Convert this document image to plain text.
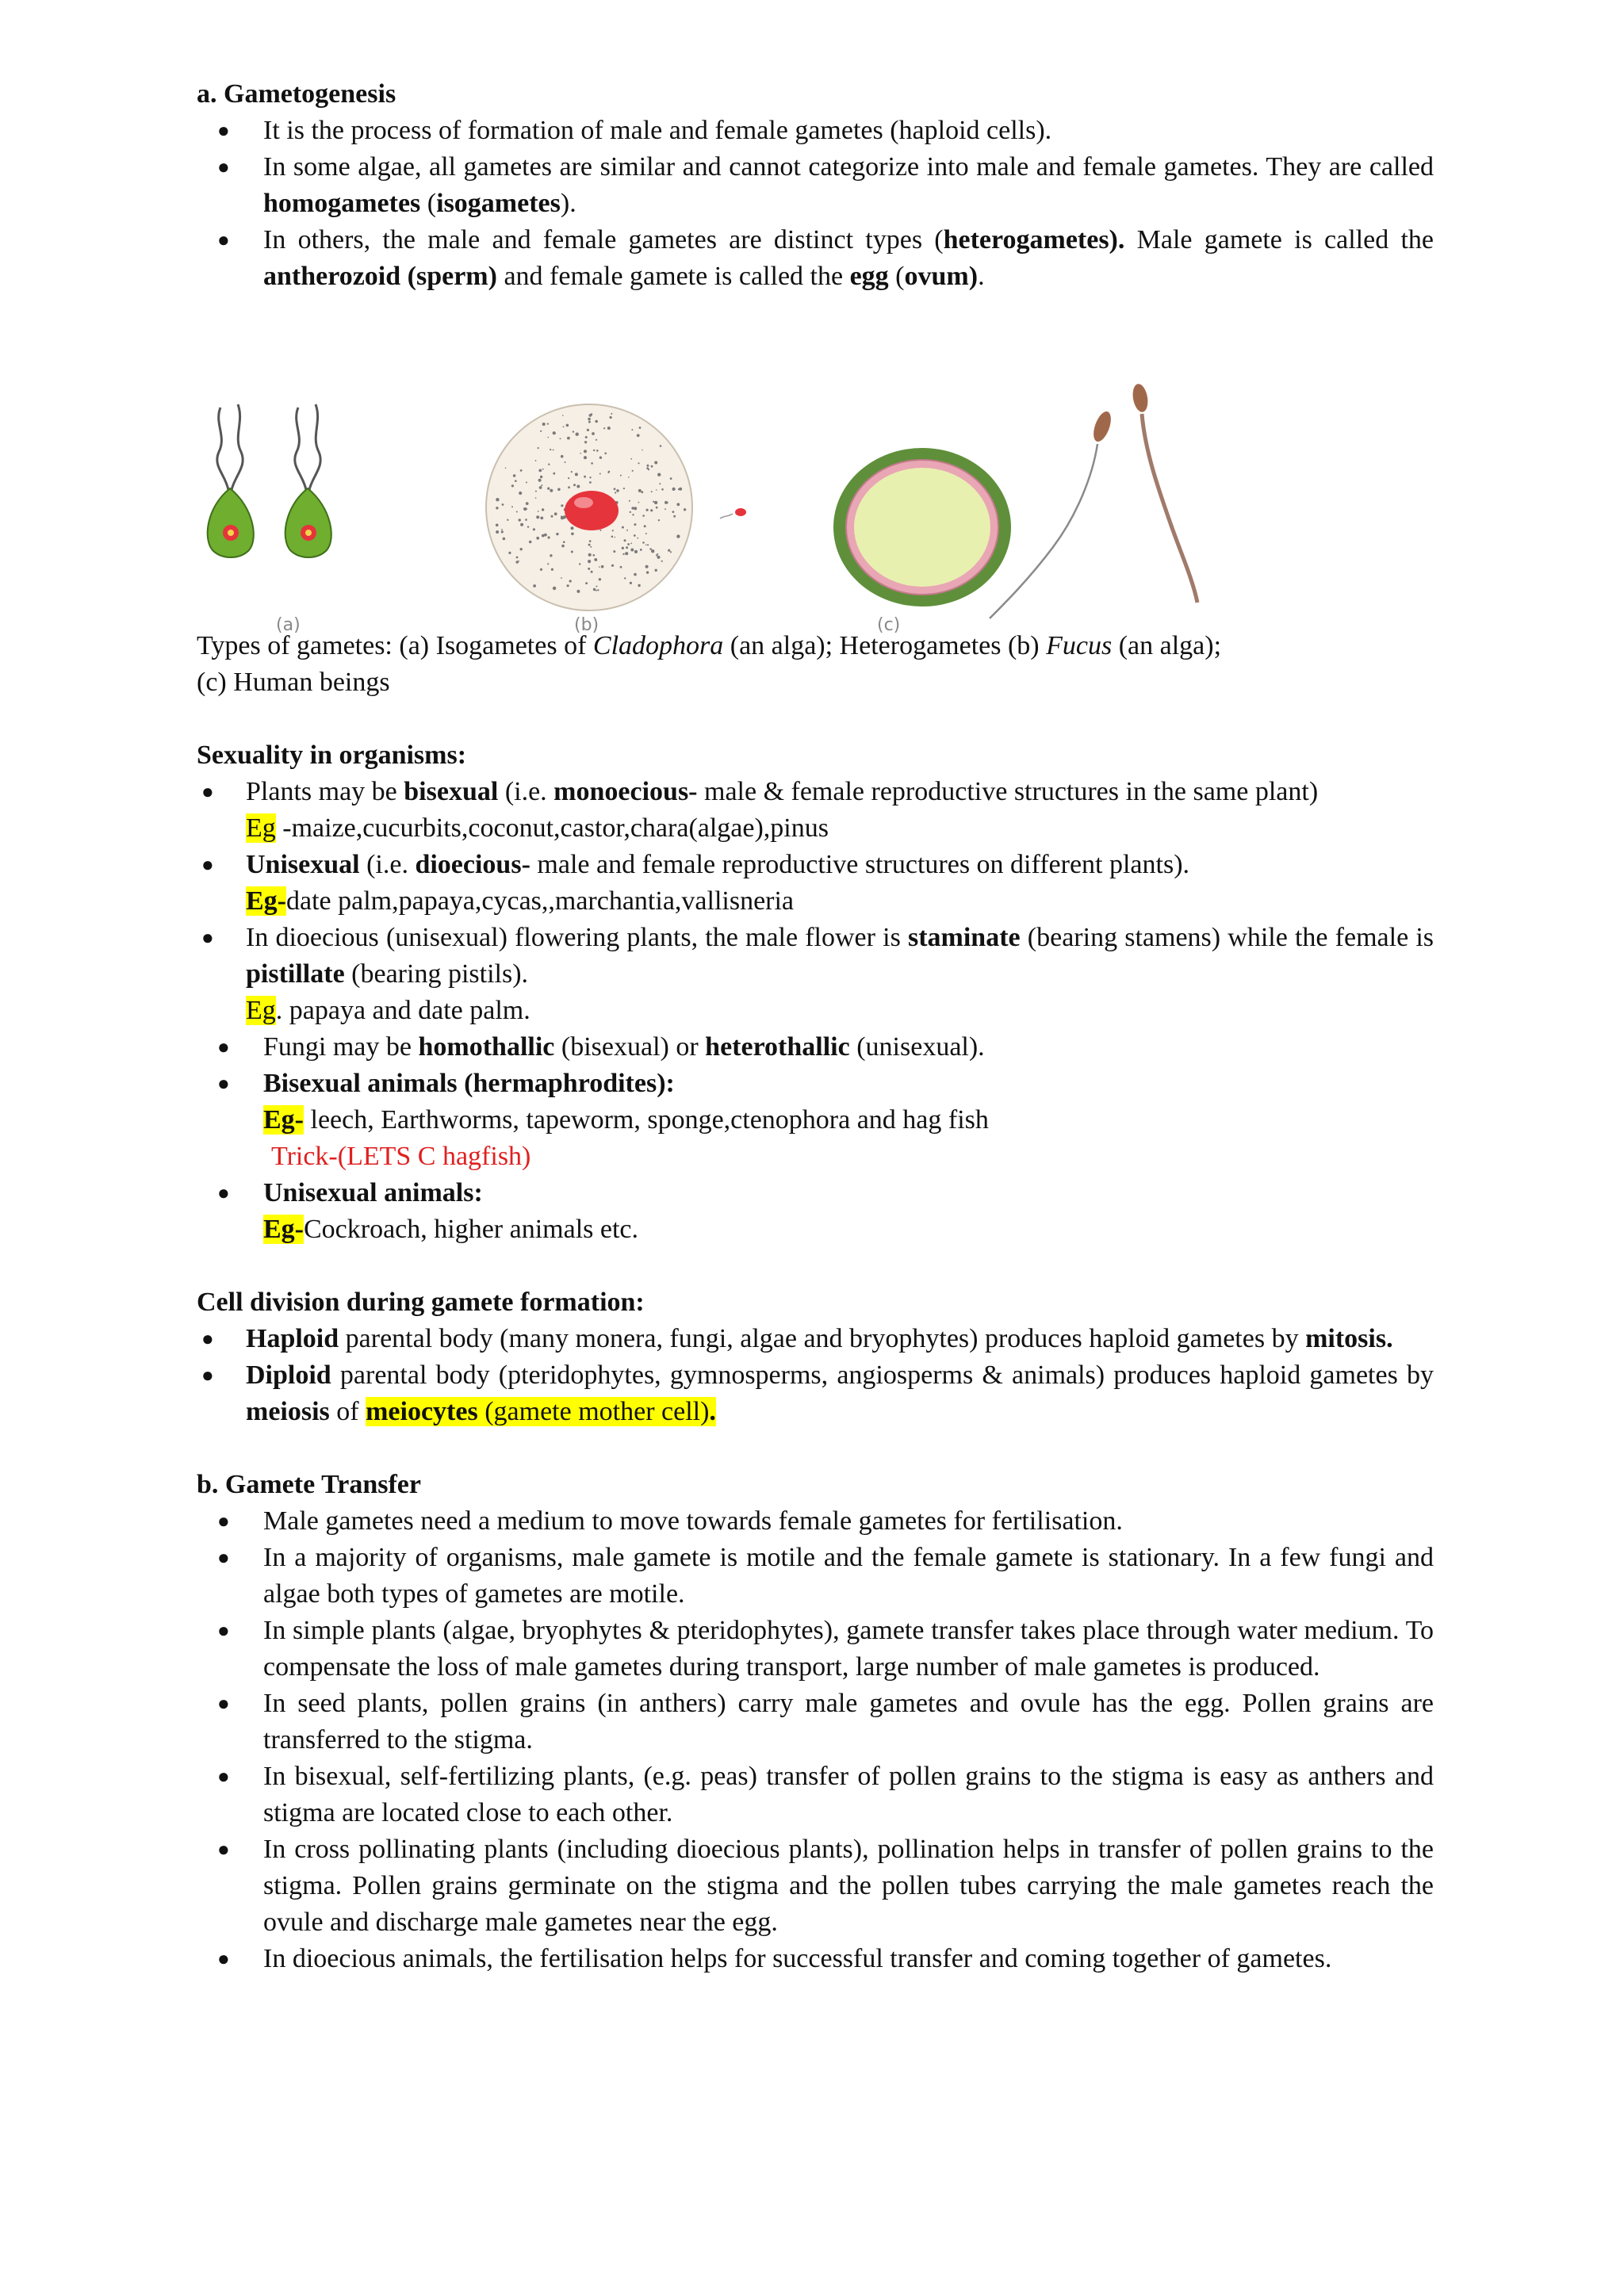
a. Gametogenesis
● It is the process of formation of male and female gametes (haploid cells).
● In some algae, all gametes are similar and cannot categorize into male and female gametes. They are called homogametes (isogametes).
● In others, the male and female gametes are distinct types (heterogametes). Male gamete is called the antherozoid (sperm) and female gamete is called the egg (ovum).
(a)	(b)	(c)
Types of gametes: (a) Isogametes of Cladophora (an alga); Heterogametes (b) Fucus (an alga);
(c) Human beings
Sexuality in organisms:
● Plants may be bisexual (i.e. monoecious- male & female reproductive structures in the same plant)
Eg -maize,cucurbits,coconut,castor,chara(algae),pinus
● Unisexual (i.e. dioecious- male and female reproductive structures on different plants).
Eg-date palm,papaya,cycas,,marchantia,vallisneria
● In dioecious (unisexual) flowering plants, the male flower is staminate (bearing stamens) while the female is pistillate (bearing pistils).
Eg. papaya and date palm.
● Fungi may be homothallic (bisexual) or heterothallic (unisexual).
● Bisexual animals (hermaphrodites):
Eg- leech, Earthworms, tapeworm, sponge,ctenophora and hag fish
Trick-(LETS C hagfish)
● Unisexual animals:
Eg-Cockroach, higher animals etc.
Cell division during gamete formation:
● Haploid parental body (many monera, fungi, algae and bryophytes) produces haploid gametes by mitosis.
● Diploid parental body (pteridophytes, gymnosperms, angiosperms & animals) produces haploid gametes by meiosis of meiocytes (gamete mother cell).
b. Gamete Transfer
● Male gametes need a medium to move towards female gametes for fertilisation.
● In a majority of organisms, male gamete is motile and the female gamete is stationary. In a few fungi and algae both types of gametes are motile.
● In simple plants (algae, bryophytes & pteridophytes), gamete transfer takes place through water medium. To compensate the loss of male gametes during transport, large number of male gametes is produced.
● In seed plants, pollen grains (in anthers) carry male gametes and ovule has the egg. Pollen grains are transferred to the stigma.
● In bisexual, self-fertilizing plants, (e.g. peas) transfer of pollen grains to the stigma is easy as anthers and stigma are located close to each other.
● In cross pollinating plants (including dioecious plants), pollination helps in transfer of pollen grains to the stigma. Pollen grains germinate on the stigma and the pollen tubes carrying the male gametes reach the ovule and discharge male gametes near the egg.
● In dioecious animals, the fertilisation helps for successful transfer and coming together of gametes.
